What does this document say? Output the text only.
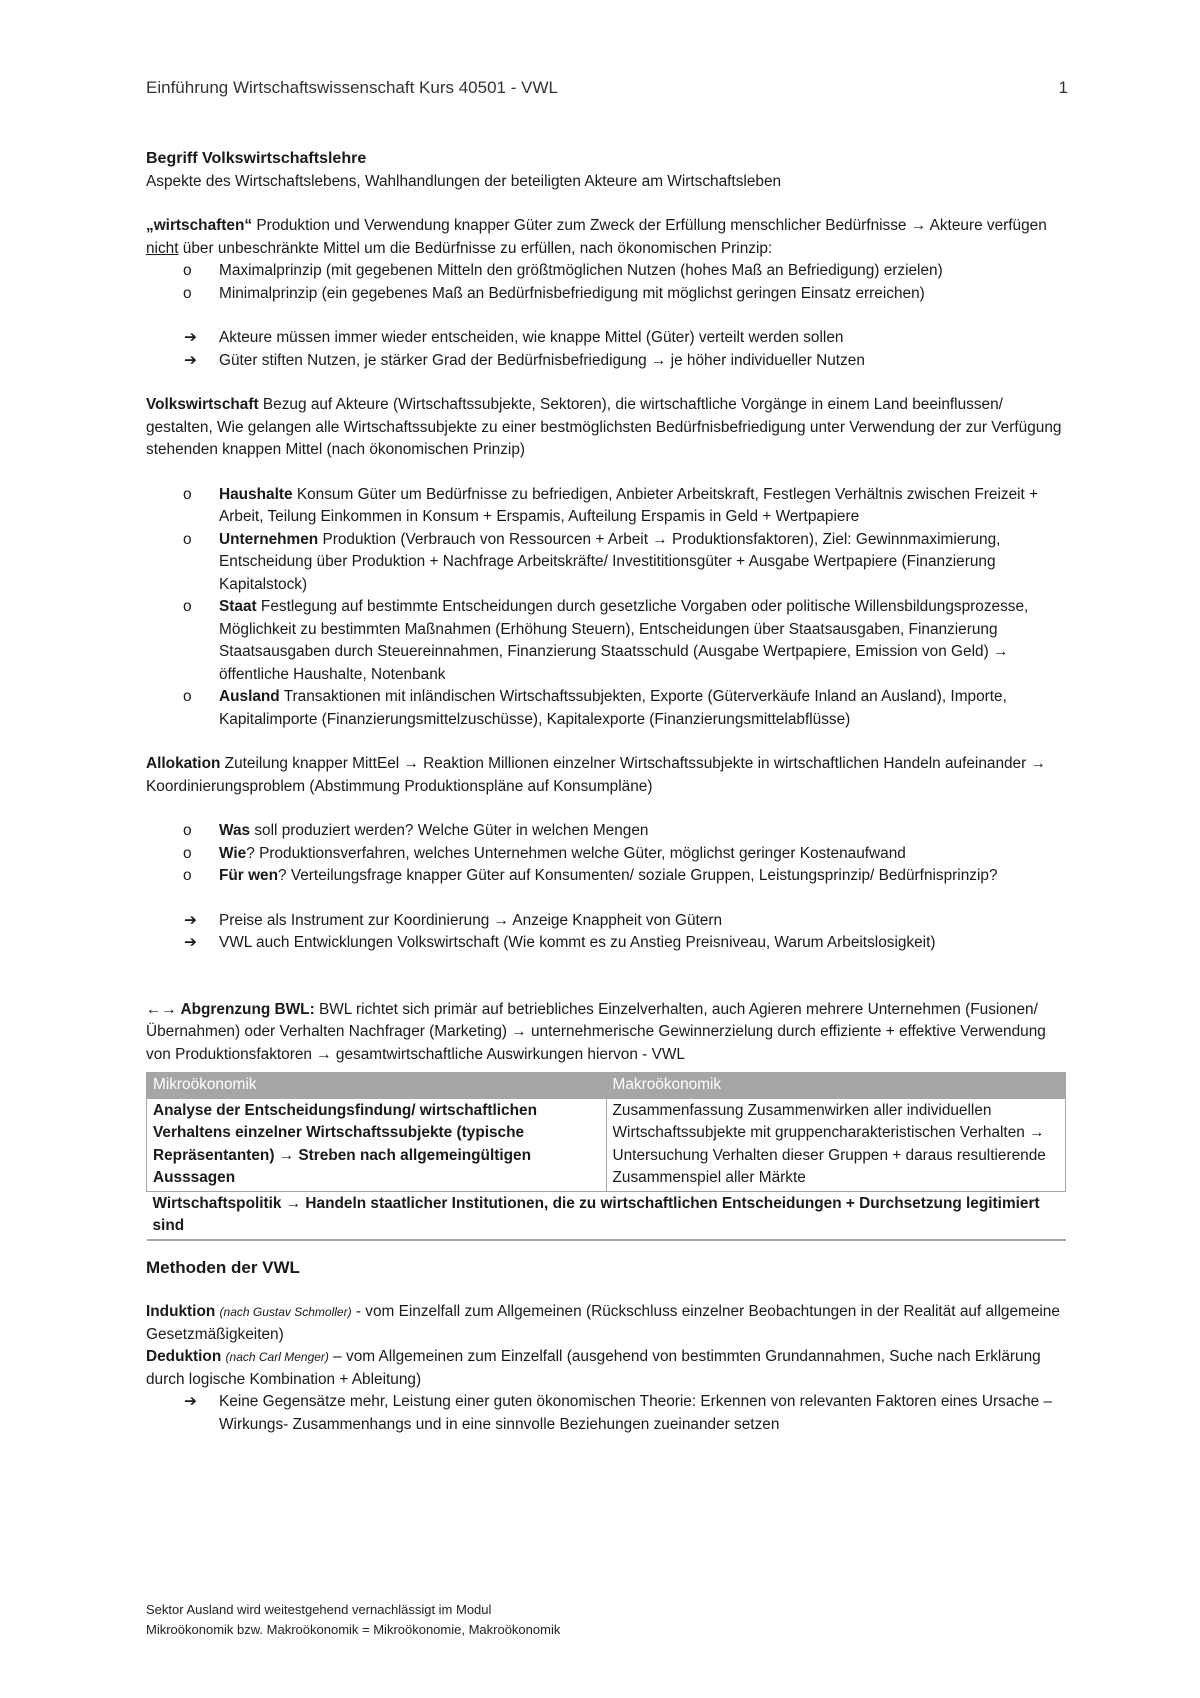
Einführung Wirtschaftswissenschaft Kurs 40501 - VWL	1

Begriff Volkswirtschaftslehre

Aspekte des Wirtschaftslebens, Wahlhandlungen der beteiligten Akteure am Wirtschaftsleben

„wirtschaften“ Produktion und Verwendung knapper Güter zum Zweck der Erfüllung menschlicher Bedürfnisse → Akteure verfügen nicht über unbeschränkte Mittel um die Bedürfnisse zu erfüllen, nach ökonomischen Prinzip:

o Maximalprinzip (mit gegebenen Mitteln den größtmöglichen Nutzen (hohes Maß an Befriedigung) erzielen)
o Minimalprinzip (ein gegebenes Maß an Bedürfnisbefriedigung mit möglichst geringen Einsatz erreichen)
➔ Akteure müssen immer wieder entscheiden, wie knappe Mittel (Güter) verteilt werden sollen
➔ Güter stiften Nutzen, je stärker Grad der Bedürfnisbefriedigung → je höher individueller Nutzen

Volkswirtschaft Bezug auf Akteure (Wirtschaftssubjekte, Sektoren), die wirtschaftliche Vorgänge in einem Land beeinflussen/ gestalten, Wie gelangen alle Wirtschaftssubjekte zu einer bestmöglichsten Bedürfnisbefriedigung unter Verwendung der zur Verfügung stehenden knappen Mittel (nach ökonomischen Prinzip)

o Haushalte Konsum Güter um Bedürfnisse zu befriedigen, Anbieter Arbeitskraft, Festlegen Verhältnis zwischen Freizeit + Arbeit, Teilung Einkommen in Konsum + Erspamis, Aufteilung Erspamis in Geld + Wertpapiere
o Unternehmen Produktion (Verbrauch von Ressourcen + Arbeit → Produktionsfaktoren), Ziel: Gewinnmaximierung, Entscheidung über Produktion + Nachfrage Arbeitskräfte/ Investititionsgüter + Ausgabe Wertpapiere (Finanzierung Kapitalstock)
o Staat Festlegung auf bestimmte Entscheidungen durch gesetzliche Vorgaben oder politische Willensbildungsprozesse, Möglichkeit zu bestimmten Maßnahmen (Erhöhung Steuern), Entscheidungen über Staatsausgaben, Finanzierung Staatsausgaben durch Steuereinnahmen, Finanzierung Staatsschuld (Ausgabe Wertpapiere, Emission von Geld) → öffentliche Haushalte, Notenbank
o Ausland Transaktionen mit inländischen Wirtschaftssubjekten, Exporte (Güterverkäufe Inland an Ausland), Importe, Kapitalimporte (Finanzierungsmittelzuschüsse), Kapitalexporte (Finanzierungsmittelabflüsse)

Allokation Zuteilung knapper MittEel → Reaktion Millionen einzelner Wirtschaftssubjekte in wirtschaftlichen Handeln aufeinander → Koordinierungsproblem (Abstimmung Produktionspläne auf Konsumpläne)

o Was soll produziert werden? Welche Güter in welchen Mengen
o Wie? Produktionsverfahren, welches Unternehmen welche Güter, möglichst geringer Kostenaufwand
o Für wen? Verteilungsfrage knapper Güter auf Konsumenten/ soziale Gruppen, Leistungsprinzip/ Bedürfnisprinzip?
➔ Preise als Instrument zur Koordinierung → Anzeige Knappheit von Gütern
➔ VWL auch Entwicklungen Volkswirtschaft (Wie kommt es zu Anstieg Preisniveau, Warum Arbeitslosigkeit)

←→ Abgrenzung BWL: BWL richtet sich primär auf betriebliches Einzelverhalten, auch Agieren mehrere Unternehmen (Fusionen/ Übernahmen) oder Verhalten Nachfrager (Marketing) → unternehmerische Gewinnerzielung durch effiziente + effektive Verwendung von Produktionsfaktoren → gesamtwirtschaftliche Auswirkungen hiervon - VWL

Mikroökonomik	Makroökonomik
Analyse der Entscheidungsfindung/ wirtschaftlichen Verhaltens einzelner Wirtschaftssubjekte (typische Repräsentanten) → Streben nach allgemeingültigen Ausssagen	Zusammenfassung Zusammenwirken aller individuellen Wirtschaftssubjekte mit gruppencharakteristischen Verhalten → Untersuchung Verhalten dieser Gruppen + daraus resultierende Zusammenspiel aller Märkte
Wirtschaftspolitik → Handeln staatlicher Institutionen, die zu wirtschaftlichen Entscheidungen + Durchsetzung legitimiert sind	

Methoden der VWL

Induktion (nach Gustav Schmoller) - vom Einzelfall zum Allgemeinen (Rückschluss einzelner Beobachtungen in der Realität auf allgemeine Gesetzmäßigkeiten)

Deduktion (nach Carl Menger) – vom Allgemeinen zum Einzelfall (ausgehend von bestimmten Grundannahmen, Suche nach Erklärung durch logische Kombination + Ableitung)

➔ Keine Gegensätze mehr, Leistung einer guten ökonomischen Theorie: Erkennen von relevanten Faktoren eines Ursache – Wirkungs- Zusammenhangs und in eine sinnvolle Beziehungen zueinander setzen
Sektor Ausland wird weitestgehend vernachlässigt im Modul
Mikroökonomik bzw. Makroökonomik = Mikroökonomie, Makroökonomik
